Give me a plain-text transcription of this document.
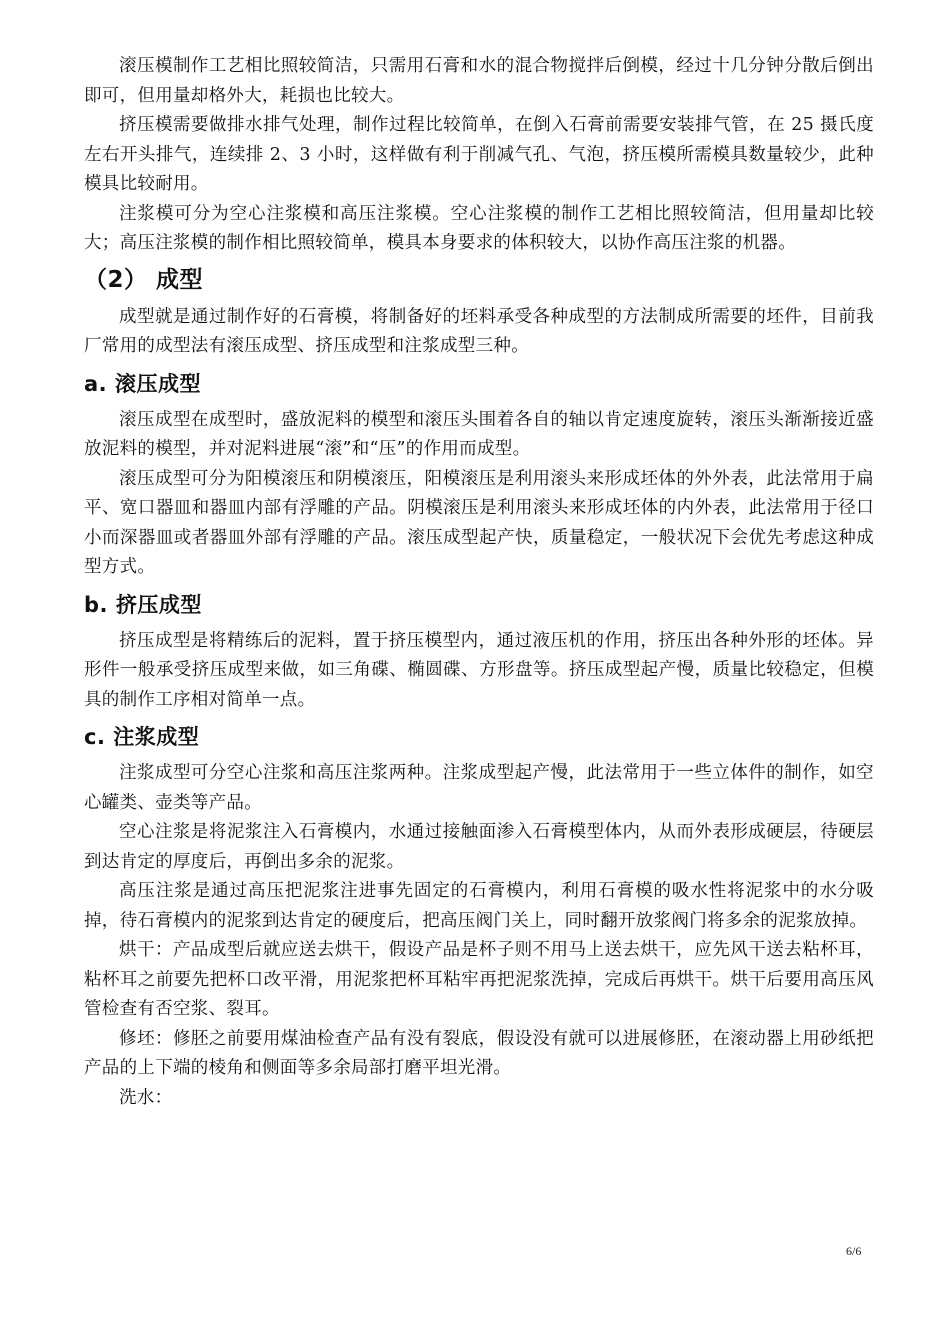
滚压模制作工艺相比照较简洁，只需用石膏和水的混合物搅拌后倒模，经过十几分钟分散后倒出即可，但用量却格外大，耗损也比较大。

挤压模需要做排水排气处理，制作过程比较简单，在倒入石膏前需要安装排气管，在 25 摄氏度左右开头排气，连续排 2、3 小时，这样做有利于削减气孔、气泡，挤压模所需模具数量较少，此种模具比较耐用。

注浆模可分为空心注浆模和高压注浆模。空心注浆模的制作工艺相比照较简洁，但用量却比较大；高压注浆模的制作相比照较简单，模具本身要求的体积较大，以协作高压注浆的机器。

（2） 成型

成型就是通过制作好的石膏模，将制备好的坯料承受各种成型的方法制成所需要的坯件，目前我厂常用的成型法有滚压成型、挤压成型和注浆成型三种。

a. 滚压成型

滚压成型在成型时，盛放泥料的模型和滚压头围着各自的轴以肯定速度旋转，滚压头渐渐接近盛放泥料的模型，并对泥料进展“滚”和“压”的作用而成型。

滚压成型可分为阳模滚压和阴模滚压，阳模滚压是利用滚头来形成坯体的外外表，此法常用于扁平、宽口器皿和器皿内部有浮雕的产品。阴模滚压是利用滚头来形成坯体的内外表，此法常用于径口小而深器皿或者器皿外部有浮雕的产品。滚压成型起产快，质量稳定，一般状况下会优先考虑这种成型方式。

b. 挤压成型

挤压成型是将精练后的泥料，置于挤压模型内，通过液压机的作用，挤压出各种外形的坯体。异形件一般承受挤压成型来做，如三角碟、椭圆碟、方形盘等。挤压成型起产慢，质量比较稳定，但模具的制作工序相对简单一点。

c. 注浆成型

注浆成型可分空心注浆和高压注浆两种。注浆成型起产慢，此法常用于一些立体件的制作，如空心罐类、壶类等产品。

空心注浆是将泥浆注入石膏模内，水通过接触面渗入石膏模型体内，从而外表形成硬层，待硬层到达肯定的厚度后，再倒出多余的泥浆。

高压注浆是通过高压把泥浆注进事先固定的石膏模内，利用石膏模的吸水性将泥浆中的水分吸掉，待石膏模内的泥浆到达肯定的硬度后，把高压阀门关上，同时翻开放浆阀门将多余的泥浆放掉。

烘干：产品成型后就应送去烘干，假设产品是杯子则不用马上送去烘干，应先风干送去粘杯耳，粘杯耳之前要先把杯口改平滑，用泥浆把杯耳粘牢再把泥浆洗掉，完成后再烘干。烘干后要用高压风管检查有否空浆、裂耳。

修坯：修胚之前要用煤油检查产品有没有裂底，假设没有就可以进展修胚，在滚动器上用砂纸把产品的上下端的棱角和侧面等多余局部打磨平坦光滑。

洗水：

6/6
